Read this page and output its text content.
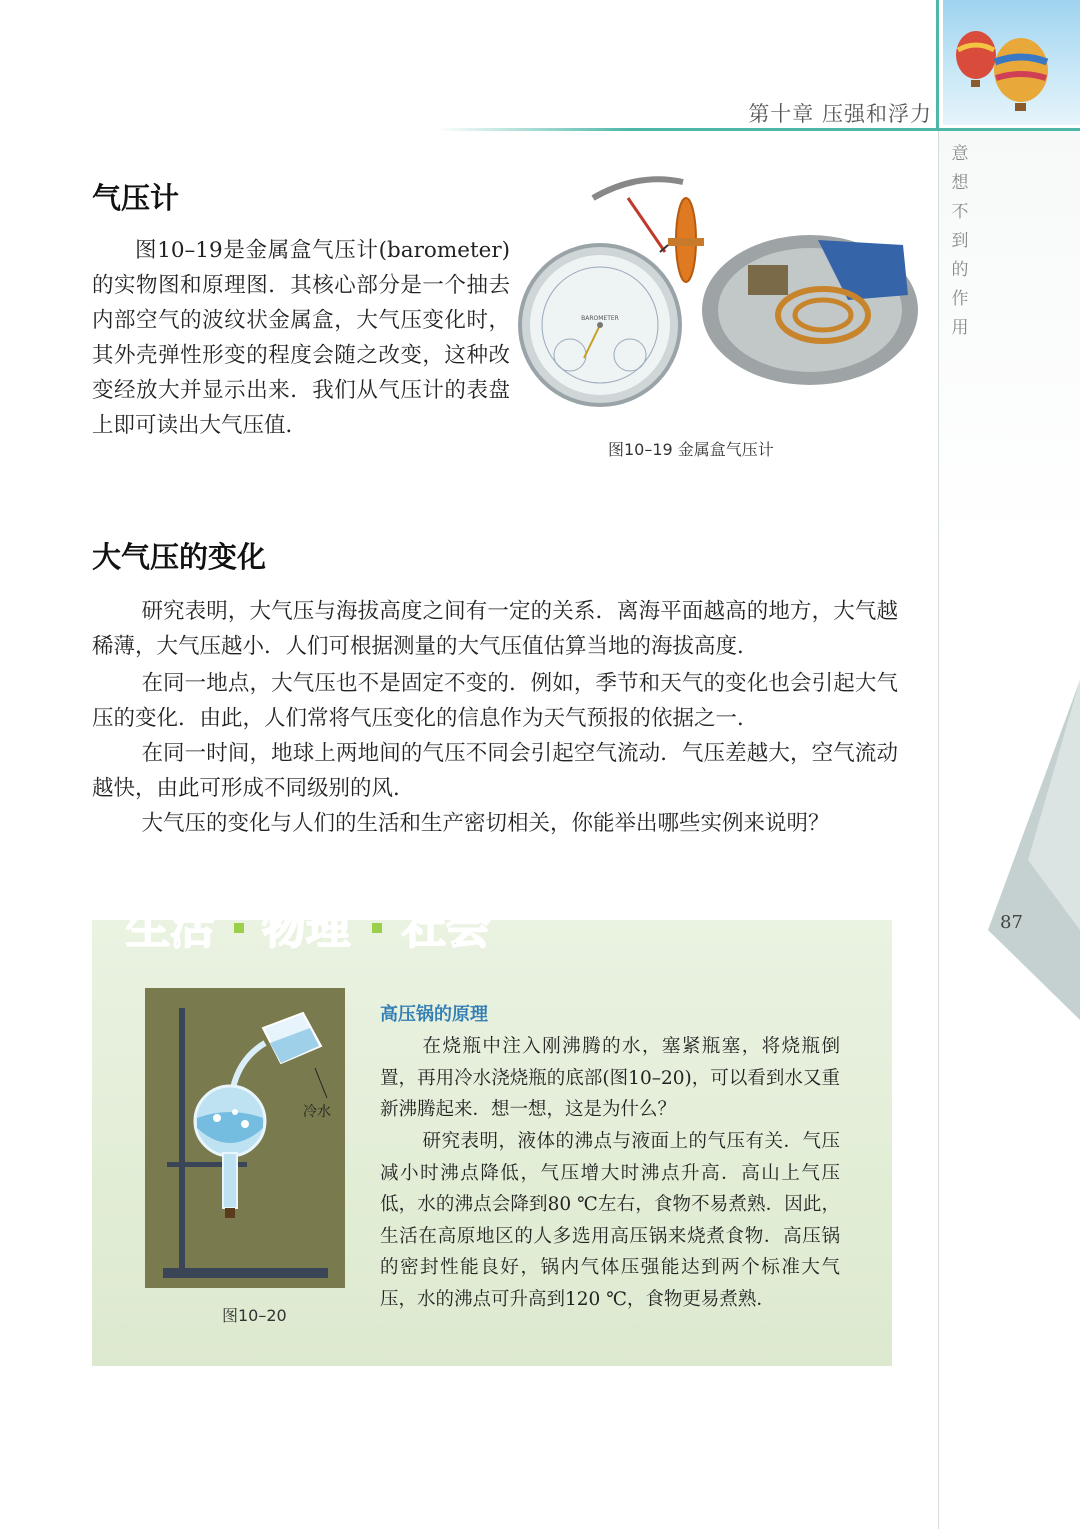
第十章 压强和浮力
意
想
不
到
的
作
用
87
气压计

图10–19是金属盒气压计(barometer)的实物图和原理图．其核心部分是一个抽去内部空气的波纹状金属盒，大气压变化时，其外壳弹性形变的程度会随之改变，这种改变经放大并显示出来．我们从气压计的表盘上即可读出大气压值．

BAROMETER
图10–19 金属盒气压计
大气压的变化

研究表明，大气压与海拔高度之间有一定的关系．离海平面越高的地方，大气越稀薄，大气压越小．人们可根据测量的大气压值估算当地的海拔高度．

在同一地点，大气压也不是固定不变的．例如，季节和天气的变化也会引起大气压的变化．由此，人们常将气压变化的信息作为天气预报的依据之一．

在同一时间，地球上两地间的气压不同会引起空气流动．气压差越大，空气流动越快，由此可形成不同级别的风．

大气压的变化与人们的生活和生产密切相关，你能举出哪些实例来说明？

生活 物理 社会
冷水
图10–20
高压锅的原理

在烧瓶中注入刚沸腾的水，塞紧瓶塞，将烧瓶倒置，再用冷水浇烧瓶的底部(图10–20)，可以看到水又重新沸腾起来．想一想，这是为什么？

研究表明，液体的沸点与液面上的气压有关．气压减小时沸点降低，气压增大时沸点升高．高山上气压低，水的沸点会降到80 ℃左右，食物不易煮熟．因此，生活在高原地区的人多选用高压锅来烧煮食物．高压锅的密封性能良好，锅内气体压强能达到两个标准大气压，水的沸点可升高到120 ℃，食物更易煮熟．
